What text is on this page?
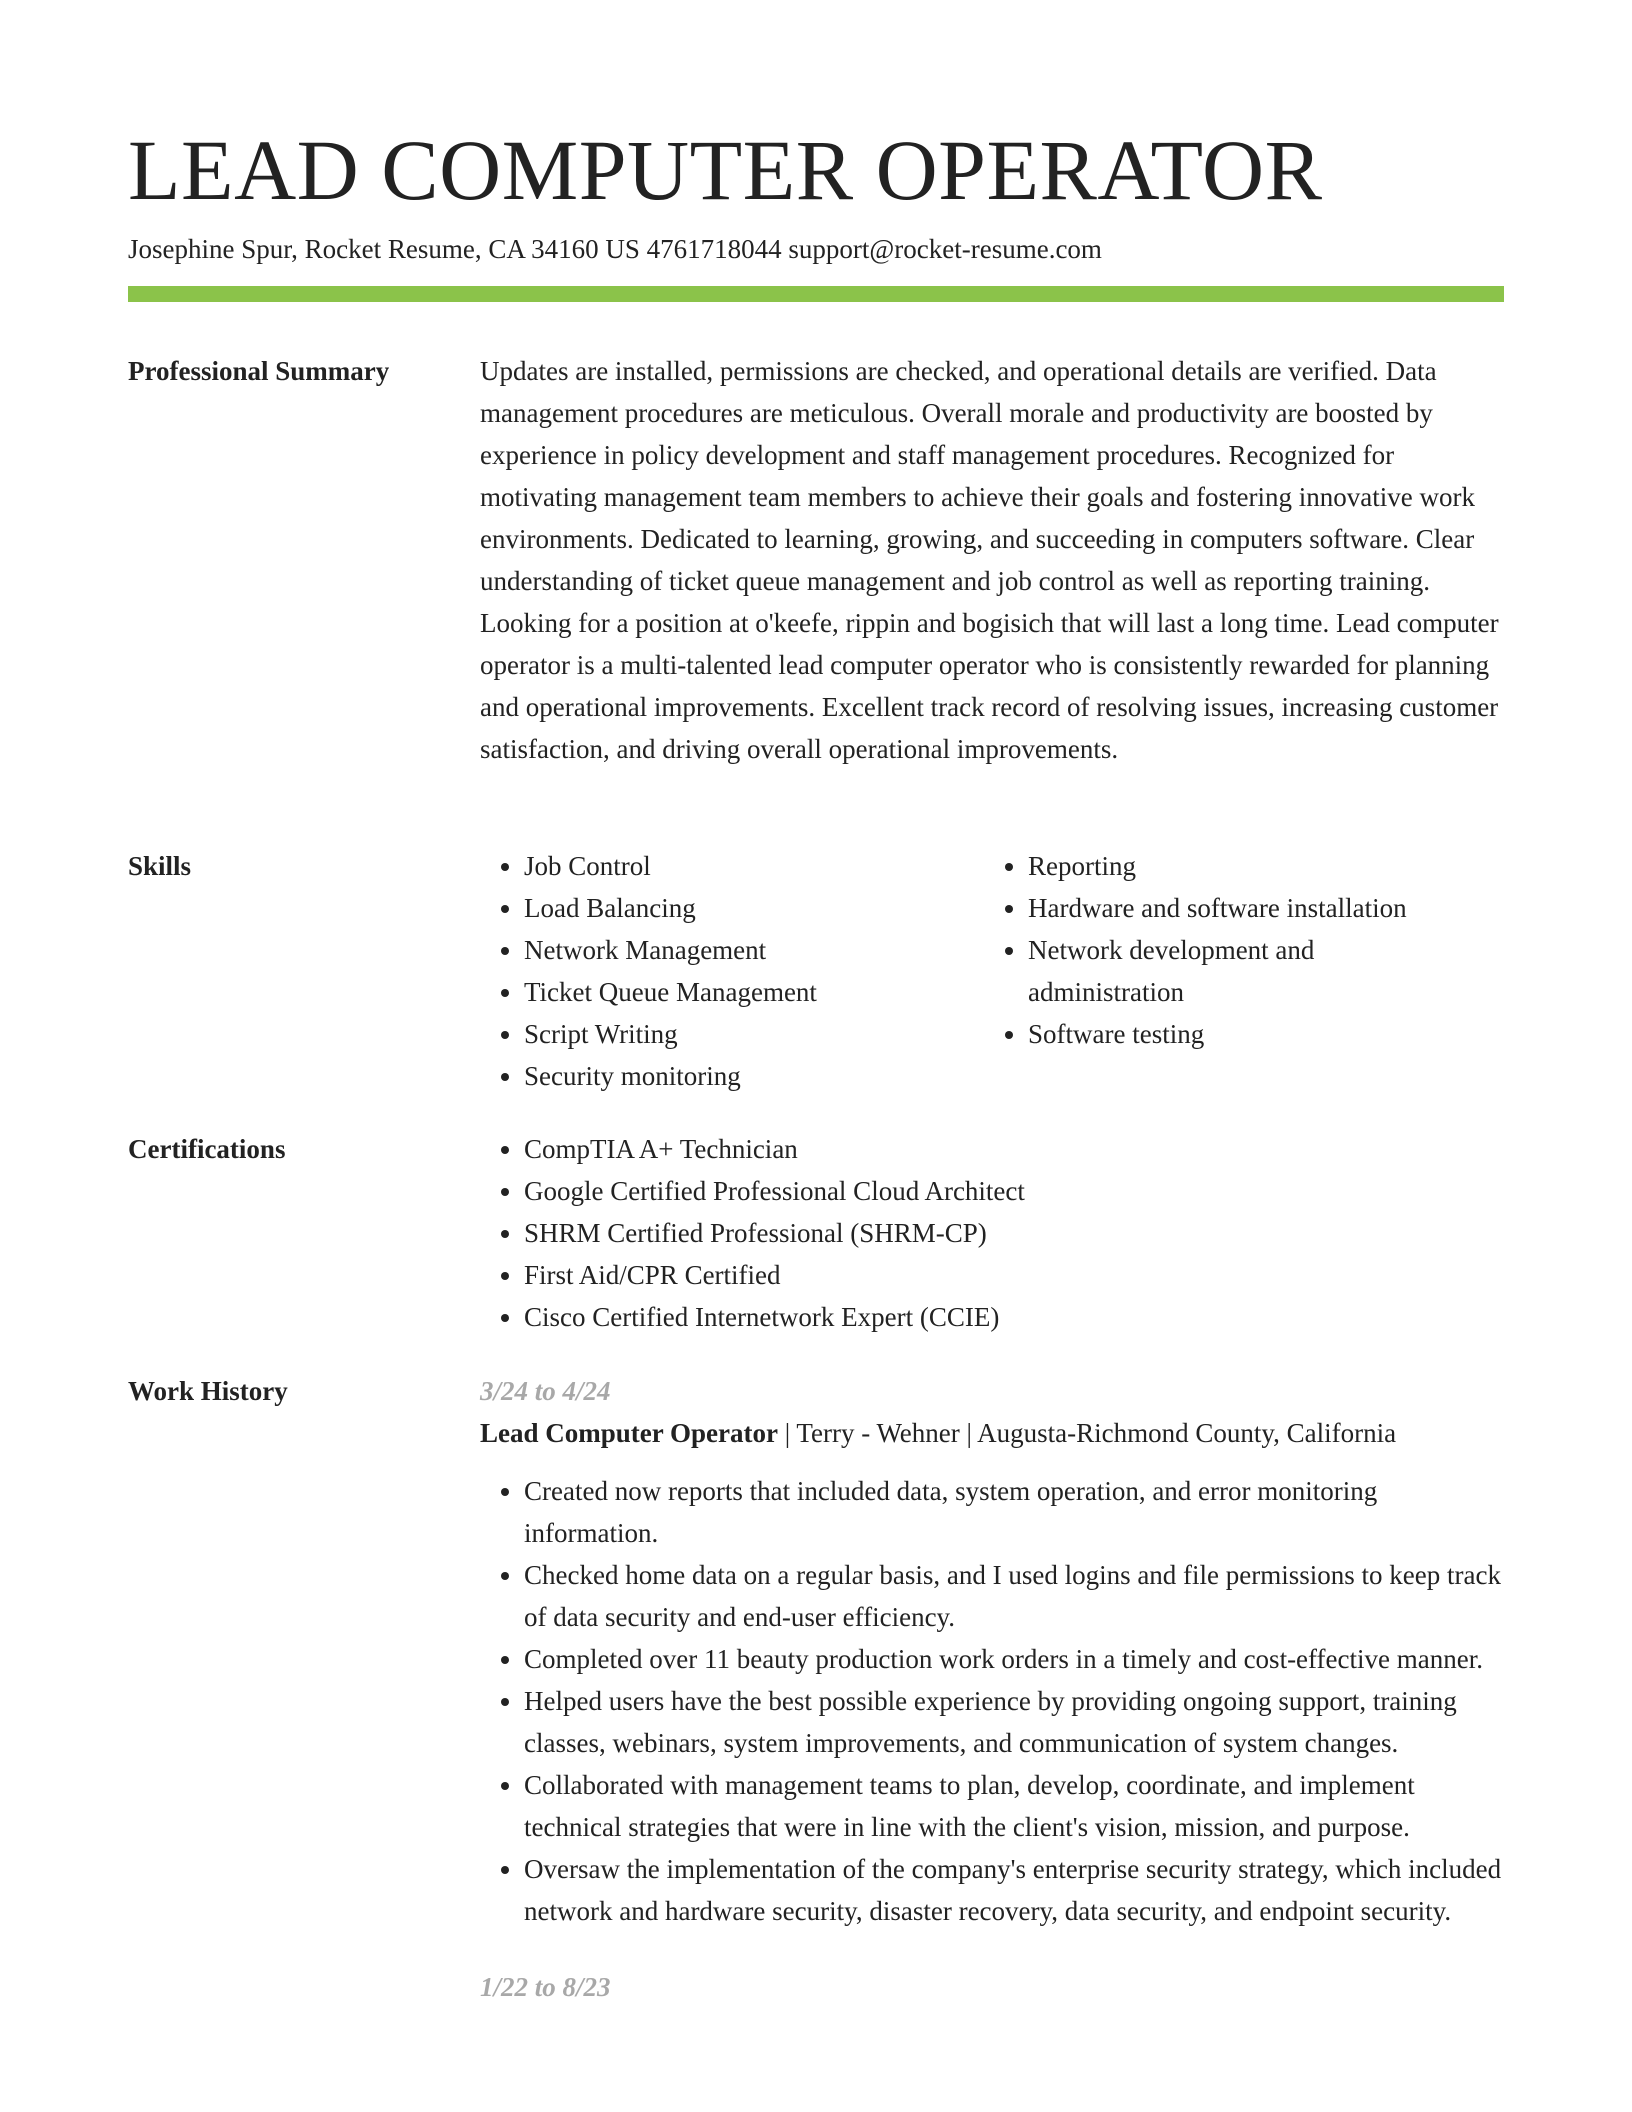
LEAD COMPUTER OPERATOR
Josephine Spur, Rocket Resume, CA 34160 US 4761718044 support@rocket-resume.com
Professional Summary	Updates are installed, permissions are checked, and operational details are verified. Data management procedures are meticulous. Overall morale and productivity are boosted by experience in policy development and staff management procedures. Recognized for motivating management team members to achieve their goals and fostering innovative work environments. Dedicated to learning, growing, and succeeding in computers software. Clear understanding of ticket queue management and job control as well as reporting training. Looking for a position at o'keefe, rippin and bogisich that will last a long time. Lead computer operator is a multi-talented lead computer operator who is consistently rewarded for planning and operational improvements. Excellent track record of resolving issues, increasing customer satisfaction, and driving overall operational improvements.

Skills	• Job Control
• Load Balancing
• Network Management
• Ticket Queue Management
• Script Writing
• Security monitoring
• Reporting
• Hardware and software installation
• Network development and administration
• Software testing
Certifications	• CompTIA A+ Technician
• Google Certified Professional Cloud Architect
• SHRM Certified Professional (SHRM-CP)
• First Aid/CPR Certified
• Cisco Certified Internetwork Expert (CCIE)
Work History	3/24 to 4/24
Lead Computer Operator | Terry - Wehner | Augusta-Richmond County, California
• Created now reports that included data, system operation, and error monitoring information.
• Checked home data on a regular basis, and I used logins and file permissions to keep track of data security and end-user efficiency.
• Completed over 11 beauty production work orders in a timely and cost-effective manner.
• Helped users have the best possible experience by providing ongoing support, training classes, webinars, system improvements, and communication of system changes.
• Collaborated with management teams to plan, develop, coordinate, and implement technical strategies that were in line with the client's vision, mission, and purpose.
• Oversaw the implementation of the company's enterprise security strategy, which included network and hardware security, disaster recovery, data security, and endpoint security.
1/22 to 8/23
